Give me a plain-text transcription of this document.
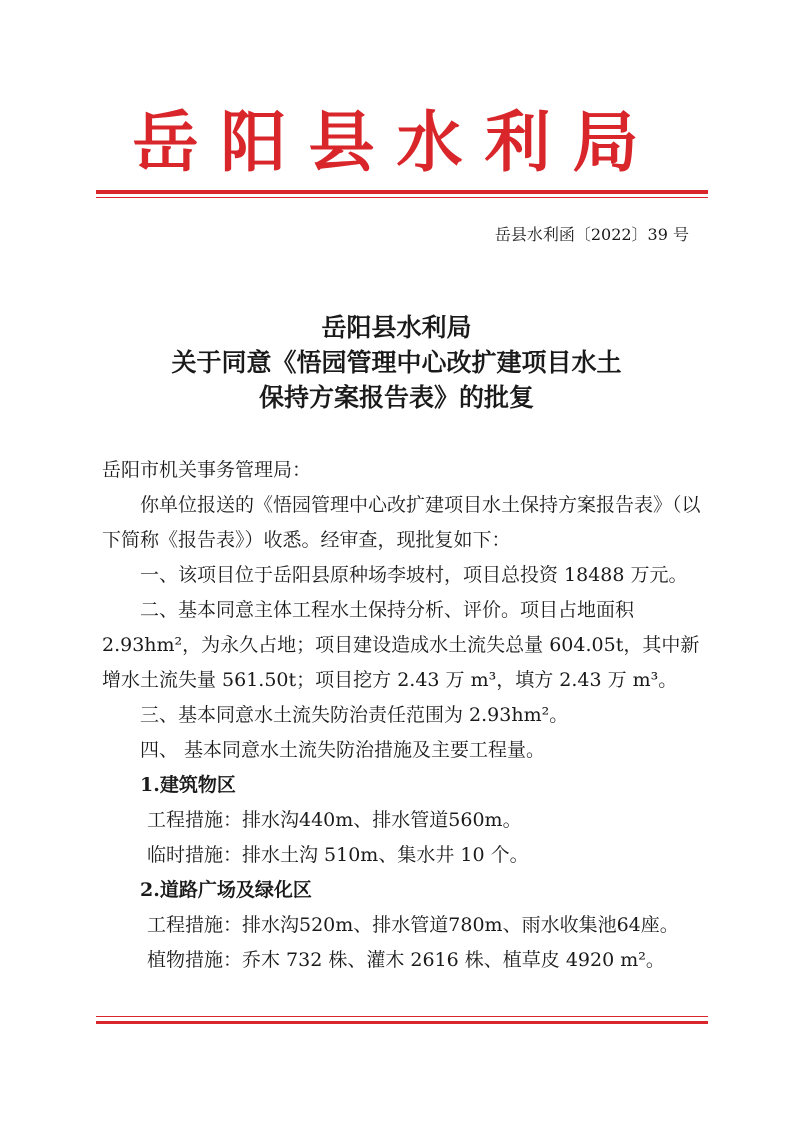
岳阳县水利局
岳县水利函〔2022〕39 号
岳阳县水利局
关于同意《悟园管理中心改扩建项目水土
保持方案报告表》的批复

岳阳市机关事务管理局：

你单位报送的《悟园管理中心改扩建项目水土保持方案报告表》（以下简称《报告表》）收悉。经审查，现批复如下：

一、该项目位于岳阳县原种场李坡村，项目总投资 18488 万元。

二、基本同意主体工程水土保持分析、评价。项目占地面积2.93hm²，为永久占地；项目建设造成水土流失总量 604.05t，其中新增水土流失量 561.50t；项目挖方 2.43 万 m³，填方 2.43 万 m³。

三、基本同意水土流失防治责任范围为 2.93hm²。

四、 基本同意水土流失防治措施及主要工程量。

1.建筑物区

工程措施：排水沟440m、排水管道560m。

临时措施：排水土沟 510m、集水井 10 个。

2.道路广场及绿化区

工程措施：排水沟520m、排水管道780m、雨水收集池64座。

植物措施：乔木 732 株、灌木 2616 株、植草皮 4920 m²。
